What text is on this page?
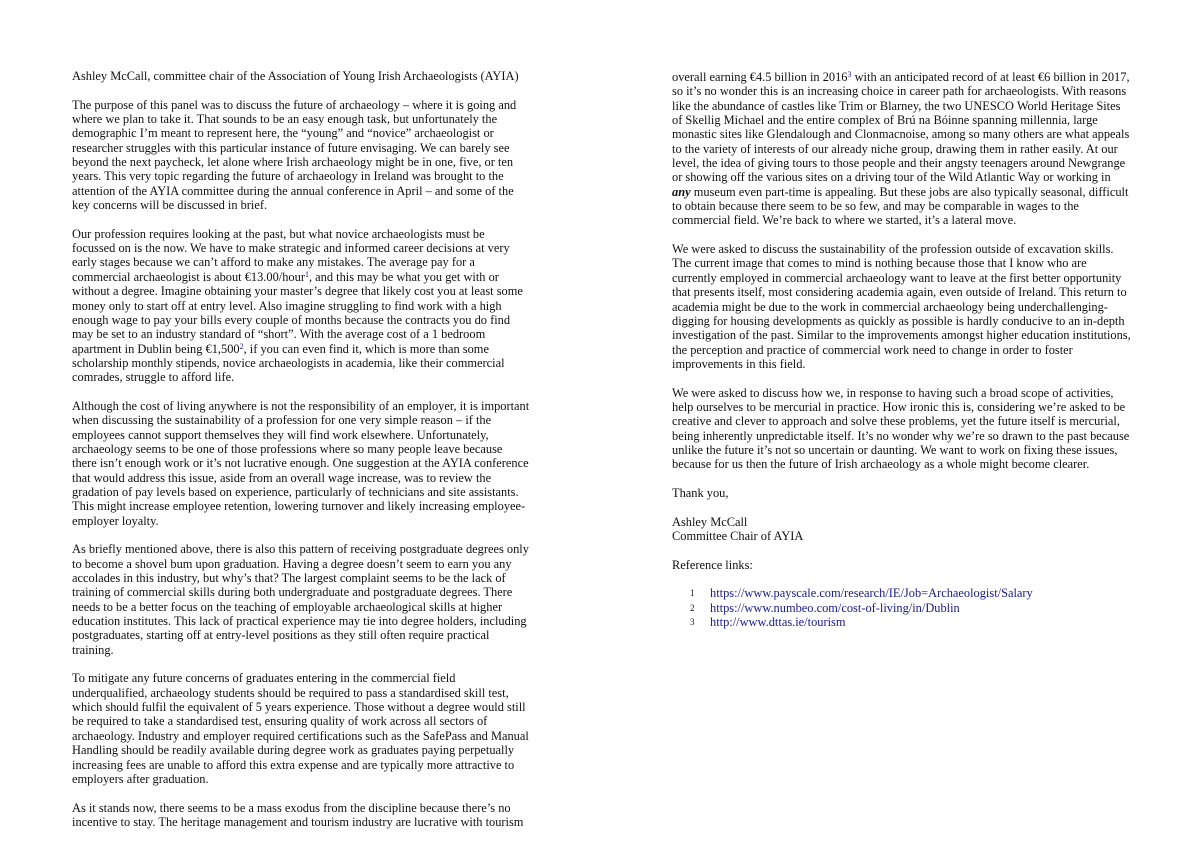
Ashley McCall, committee chair of the Association of Young Irish Archaeologists (AYIA)

The purpose of this panel was to discuss the future of archaeology – where it is going and where we plan to take it. That sounds to be an easy enough task, but unfortunately the demographic I’m meant to represent here, the “young” and “novice” archaeologist or researcher struggles with this particular instance of future envisaging. We can barely see beyond the next paycheck, let alone where Irish archaeology might be in one, five, or ten years. This very topic regarding the future of archaeology in Ireland was brought to the attention of the AYIA committee during the annual conference in April – and some of the key concerns will be discussed in brief.

Our profession requires looking at the past, but what novice archaeologists must be focussed on is the now. We have to make strategic and informed career decisions at very early stages because we can’t afford to make any mistakes. The average pay for a commercial archaeologist is about €13.00/hour$^1$, and this may be what you get with or without a degree. Imagine obtaining your master’s degree that likely cost you at least some money only to start off at entry level. Also imagine struggling to find work with a high enough wage to pay your bills every couple of months because the contracts you do find may be set to an industry standard of “short”. With the average cost of a 1 bedroom apartment in Dublin being €1,500$^2$, if you can even find it, which is more than some scholarship monthly stipends, novice archaeologists in academia, like their commercial comrades, struggle to afford life.

Although the cost of living anywhere is not the responsibility of an employer, it is important when discussing the sustainability of a profession for one very simple reason – if the employees cannot support themselves they will find work elsewhere. Unfortunately, archaeology seems to be one of those professions where so many people leave because there isn’t enough work or it’s not lucrative enough. One suggestion at the AYIA conference that would address this issue, aside from an overall wage increase, was to review the gradation of pay levels based on experience, particularly of technicians and site assistants. This might increase employee retention, lowering turnover and likely increasing employee-employer loyalty.

As briefly mentioned above, there is also this pattern of receiving postgraduate degrees only to become a shovel bum upon graduation. Having a degree doesn’t seem to earn you any accolades in this industry, but why’s that? The largest complaint seems to be the lack of training of commercial skills during both undergraduate and postgraduate degrees. There needs to be a better focus on the teaching of employable archaeological skills at higher education institutes. This lack of practical experience may tie into degree holders, including postgraduates, starting off at entry-level positions as they still often require practical training.

To mitigate any future concerns of graduates entering in the commercial field underqualified, archaeology students should be required to pass a standardised skill test, which should fulfil the equivalent of 5 years experience. Those without a degree would still be required to take a standardised test, ensuring quality of work across all sectors of archaeology. Industry and employer required certifications such as the SafePass and Manual Handling should be readily available during degree work as graduates paying perpetually increasing fees are unable to afford this extra expense and are typically more attractive to employers after graduation.

As it stands now, there seems to be a mass exodus from the discipline because there’s no incentive to stay. The heritage management and tourism industry are lucrative with tourism

overall earning €4.5 billion in 2016$^3$ with an anticipated record of at least €6 billion in 2017, so it’s no wonder this is an increasing choice in career path for archaeologists. With reasons like the abundance of castles like Trim or Blarney, the two UNESCO World Heritage Sites of Skellig Michael and the entire complex of Brú na Bóinne spanning millennia, large monastic sites like Glendalough and Clonmacnoise, among so many others are what appeals to the variety of interests of our already niche group, drawing them in rather easily. At our level, the idea of giving tours to those people and their angsty teenagers around Newgrange or showing off the various sites on a driving tour of the Wild Atlantic Way or working in any museum even part-time is appealing. But these jobs are also typically seasonal, difficult to obtain because there seem to be so few, and may be comparable in wages to the commercial field. We’re back to where we started, it’s a lateral move.

We were asked to discuss the sustainability of the profession outside of excavation skills. The current image that comes to mind is nothing because those that I know who are currently employed in commercial archaeology want to leave at the first better opportunity that presents itself, most considering academia again, even outside of Ireland. This return to academia might be due to the work in commercial archaeology being underchallenging-digging for housing developments as quickly as possible is hardly conducive to an in-depth investigation of the past. Similar to the improvements amongst higher education institutions, the perception and practice of commercial work need to change in order to foster improvements in this field.

We were asked to discuss how we, in response to having such a broad scope of activities, help ourselves to be mercurial in practice. How ironic this is, considering we’re asked to be creative and clever to approach and solve these problems, yet the future itself is mercurial, being inherently unpredictable itself. It’s no wonder why we’re so drawn to the past because unlike the future it’s not so uncertain or daunting. We want to work on fixing these issues, because for us then the future of Irish archaeology as a whole might become clearer.

Thank you,

Ashley McCall
Committee Chair of AYIA

Reference links:

1	https://www.payscale.com/research/IE/Job=Archaeologist/Salary
2	https://www.numbeo.com/cost-of-living/in/Dublin
3	http://www.dttas.ie/tourism
